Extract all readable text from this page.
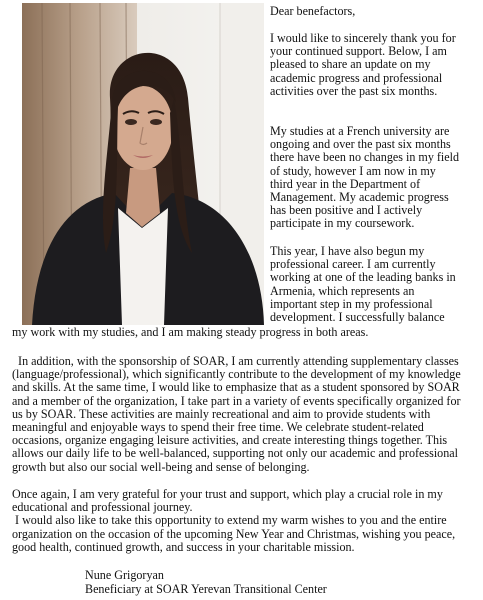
Dear benefactors,

I would like to sincerely thank you for
your continued support. Below, I am
pleased to share an update on my
academic progress and professional
activities over the past six months.

My studies at a French university are
ongoing and over the past six months
there have been no changes in my field
of study, however I am now in my
third year in the Department of
Management. My academic progress
has been positive and I actively
participate in my coursework.

This year, I have also begun my
professional career. I am currently
working at one of the leading banks in
Armenia, which represents an
important step in my professional
development. I successfully balance

my work with my studies, and I am making steady progress in both areas.

In addition, with the sponsorship of SOAR, I am currently attending supplementary classes
(language/professional), which significantly contribute to the development of my knowledge
and skills. At the same time, I would like to emphasize that as a student sponsored by SOAR
and a member of the organization, I take part in a variety of events specifically organized for
us by SOAR. These activities are mainly recreational and aim to provide students with
meaningful and enjoyable ways to spend their free time. We celebrate student-related
occasions, organize engaging leisure activities, and create interesting things together. This
allows our daily life to be well-balanced, supporting not only our academic and professional
growth but also our social well-being and sense of belonging.

Once again, I am very grateful for your trust and support, which play a crucial role in my
educational and professional journey.
I would also like to take this opportunity to extend my warm wishes to you and the entire
organization on the occasion of the upcoming New Year and Christmas, wishing you peace,
good health, continued growth, and success in your charitable mission.

Nune Grigoryan

Beneficiary at SOAR Yerevan Transitional Center
